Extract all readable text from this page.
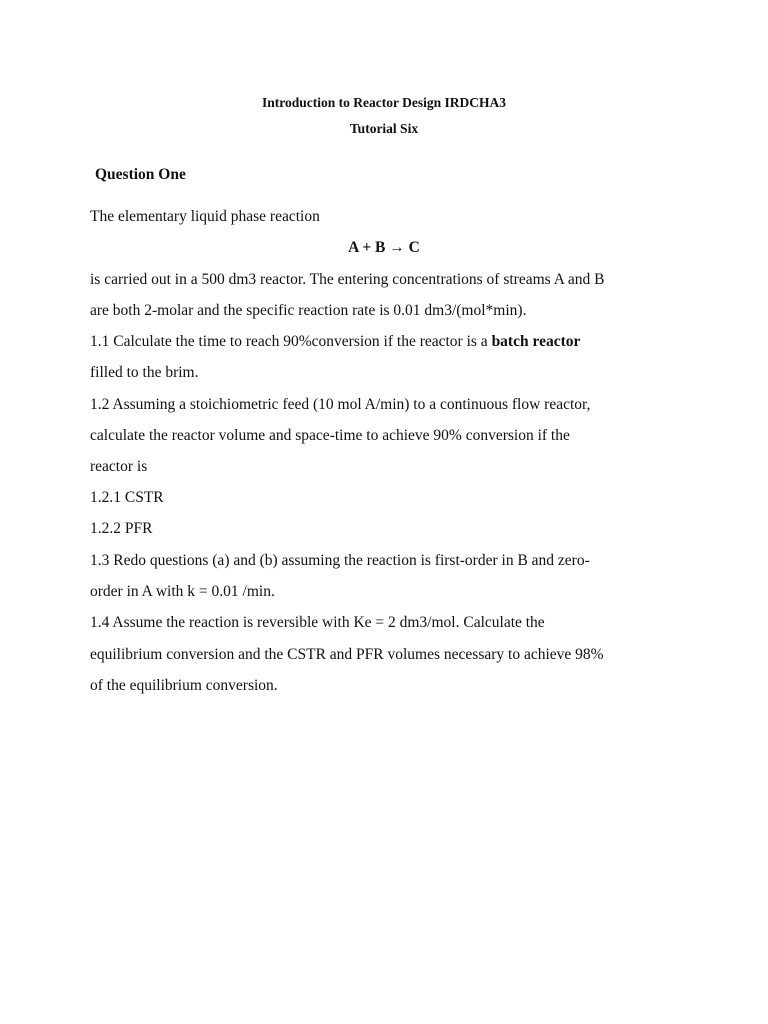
Introduction to Reactor Design IRDCHA3
Tutorial Six
Question One
The elementary liquid phase reaction
A + B → C
is carried out in a 500 dm3 reactor. The entering concentrations of streams A and B
are both 2-molar and the specific reaction rate is 0.01 dm3/(mol*min).
1.1 Calculate the time to reach 90%conversion if the reactor is a batch reactor
filled to the brim.
1.2 Assuming a stoichiometric feed (10 mol A/min) to a continuous flow reactor,
calculate the reactor volume and space-time to achieve 90% conversion if the
reactor is
1.2.1 CSTR
1.2.2 PFR
1.3 Redo questions (a) and (b) assuming the reaction is first-order in B and zero-
order in A with k = 0.01 /min.
1.4 Assume the reaction is reversible with Ke = 2 dm3/mol. Calculate the
equilibrium conversion and the CSTR and PFR volumes necessary to achieve 98%
of the equilibrium conversion.
